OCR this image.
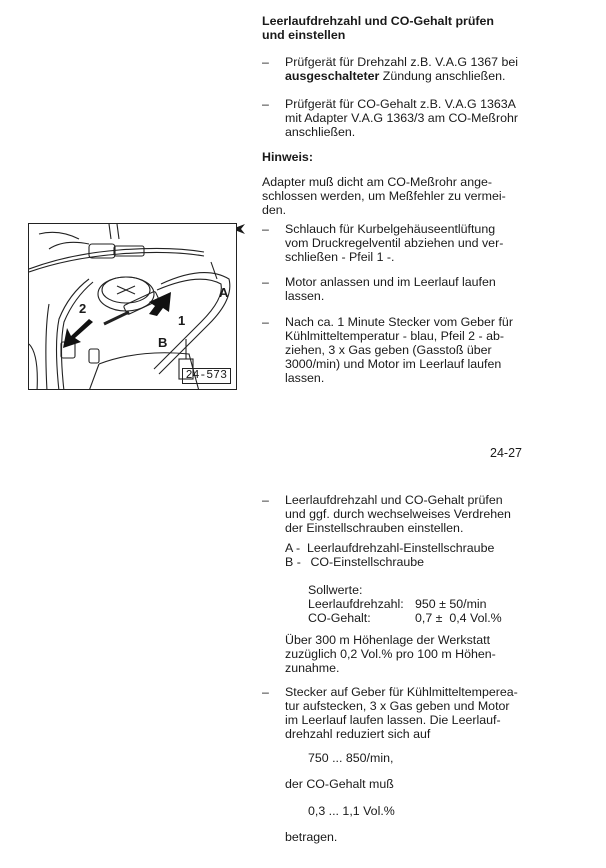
Leerlaufdrehzahl und CO-Gehalt prüfen
und einstellen
– Prüfgerät für Drehzahl z.B. V.A.G 1367 bei
ausgeschalteter Zündung anschließen.
– Prüfgerät für CO-Gehalt z.B. V.A.G 1363A
mit Adapter V.A.G 1363/3 am CO-Meßrohr
anschließen.
Hinweis:
Adapter muß dicht am CO-Meßrohr ange-
schlossen werden, um Meßfehler zu vermei-
den.
– Schlauch für Kurbelgehäuseentlüftung
vom Druckregelventil abziehen und ver-
schließen - Pfeil 1 -.
– Motor anlassen und im Leerlauf laufen
lassen.
– Nach ca. 1 Minute Stecker vom Geber für
Kühlmitteltemperatur - blau, Pfeil 2 - ab-
ziehen, 3 x Gas geben (Gasstoß über
3000/min) und Motor im Leerlauf laufen
lassen.
A
B
1
2
24-573
24-27
– Leerlaufdrehzahl und CO-Gehalt prüfen
und ggf. durch wechselweises Verdrehen
der Einstellschrauben einstellen.
A - Leerlaufdrehzahl-Einstellschraube
B - CO-Einstellschraube
Sollwerte:
Leerlaufdrehzahl: 950 ± 50/min
CO-Gehalt:	0,7 ±  0,4 Vol.%
Über 300 m Höhenlage der Werkstatt
zuzüglich 0,2 Vol.% pro 100 m Höhen-
zunahme.
– Stecker auf Geber für Kühlmitteltempereа-
tur aufstecken, 3 x Gas geben und Motor
im Leerlauf laufen lassen. Die Leerlauf-
drehzahl reduziert sich auf
750 ... 850/min,
der CO-Gehalt muß
0,3 ... 1,1 Vol.%
betragen.
